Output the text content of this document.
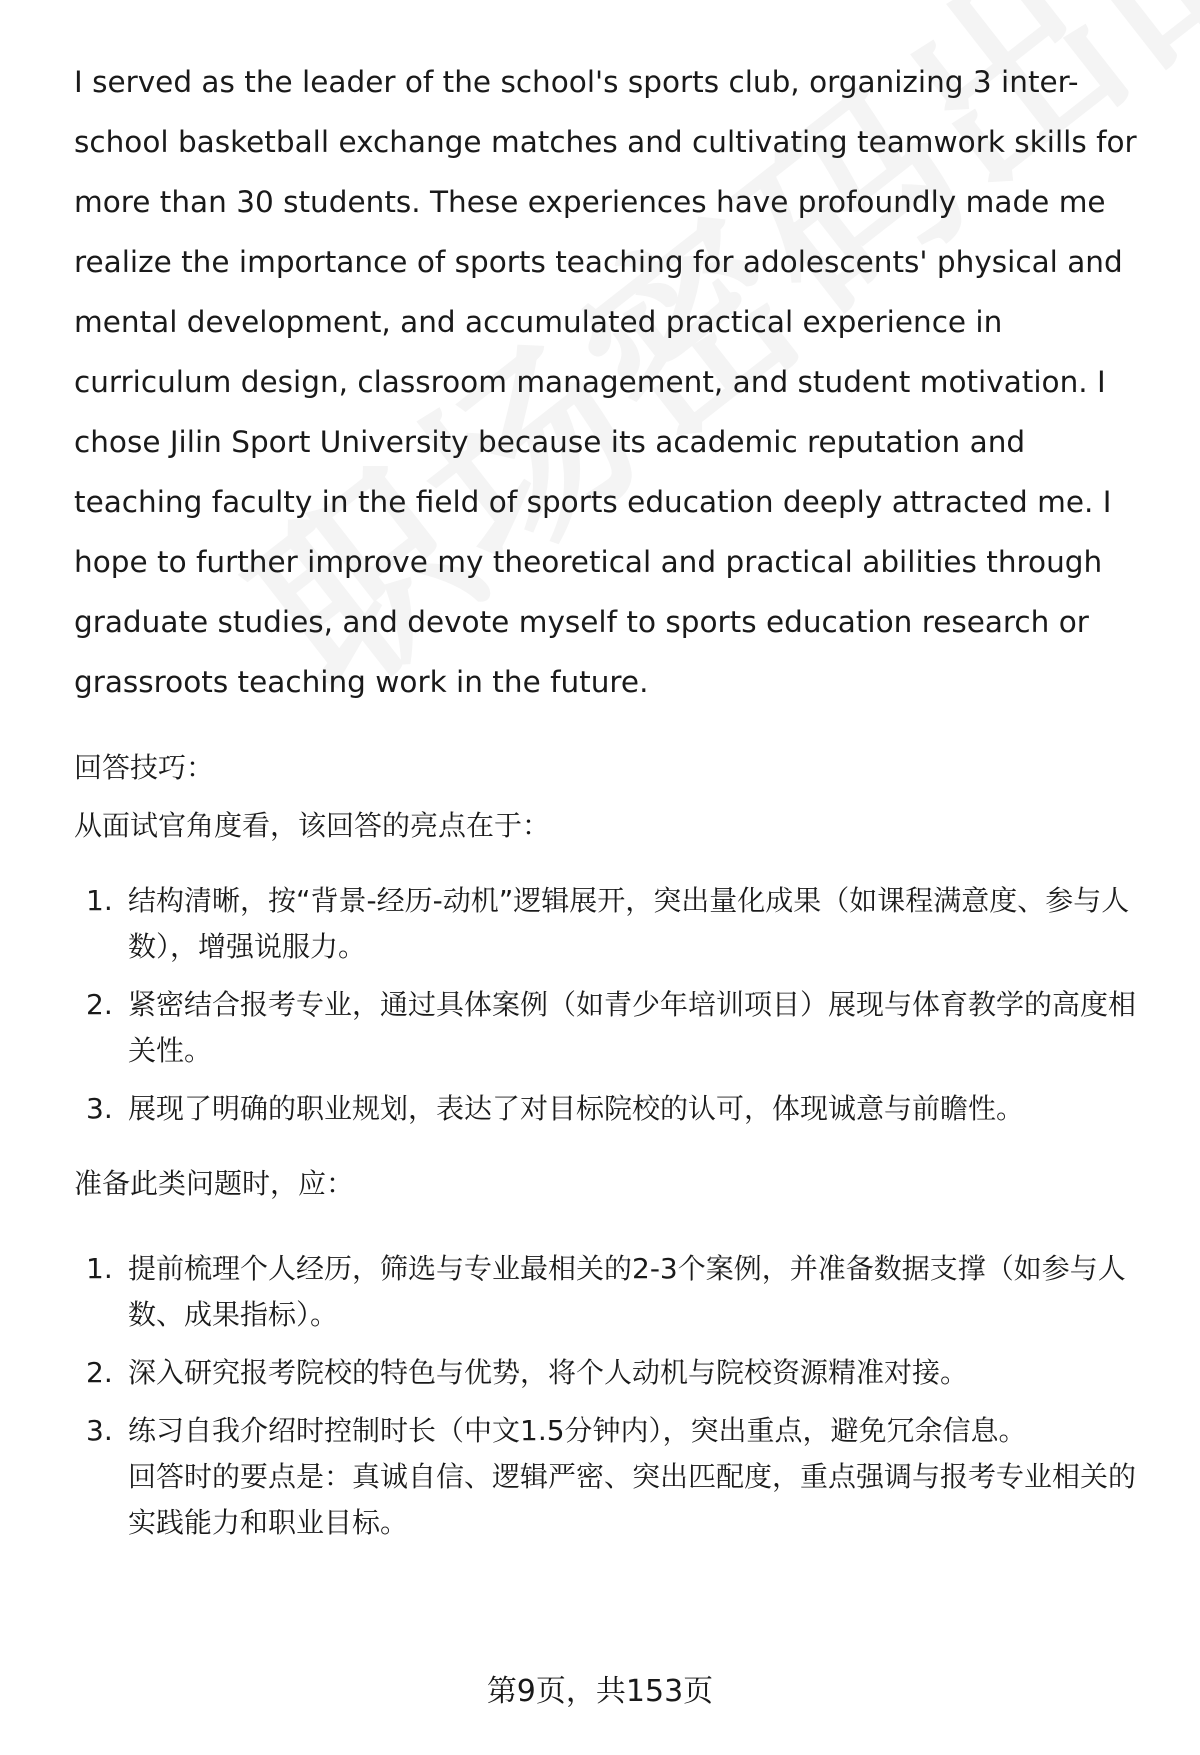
I served as the leader of the school's sports club, organizing 3 inter-school basketball exchange matches and cultivating teamwork skills for more than 30 students. These experiences have profoundly made me realize the importance of sports teaching for adolescents' physical and mental development, and accumulated practical experience in curriculum design, classroom management, and student motivation. I chose Jilin Sport University because its academic reputation and teaching faculty in the field of sports education deeply attracted me. I hope to further improve my theoretical and practical abilities through graduate studies, and devote myself to sports education research or grassroots teaching work in the future.

回答技巧：

从面试官角度看，该回答的亮点在于：

1. 结构清晰，按“背景-经历-动机”逻辑展开，突出量化成果（如课程满意度、参与人数），增强说服力。
2. 紧密结合报考专业，通过具体案例（如青少年培训项目）展现与体育教学的高度相关性。
3. 展现了明确的职业规划，表达了对目标院校的认可，体现诚意与前瞻性。

准备此类问题时，应：

1. 提前梳理个人经历，筛选与专业最相关的2-3个案例，并准备数据支撑（如参与人数、成果指标）。
2. 深入研究报考院校的特色与优势，将个人动机与院校资源精准对接。
3. 练习自我介绍时控制时长（中文1.5分钟内），突出重点，避免冗余信息。
回答时的要点是：真诚自信、逻辑严密、突出匹配度，重点强调与报考专业相关的实践能力和职业目标。
第9页，共153页
